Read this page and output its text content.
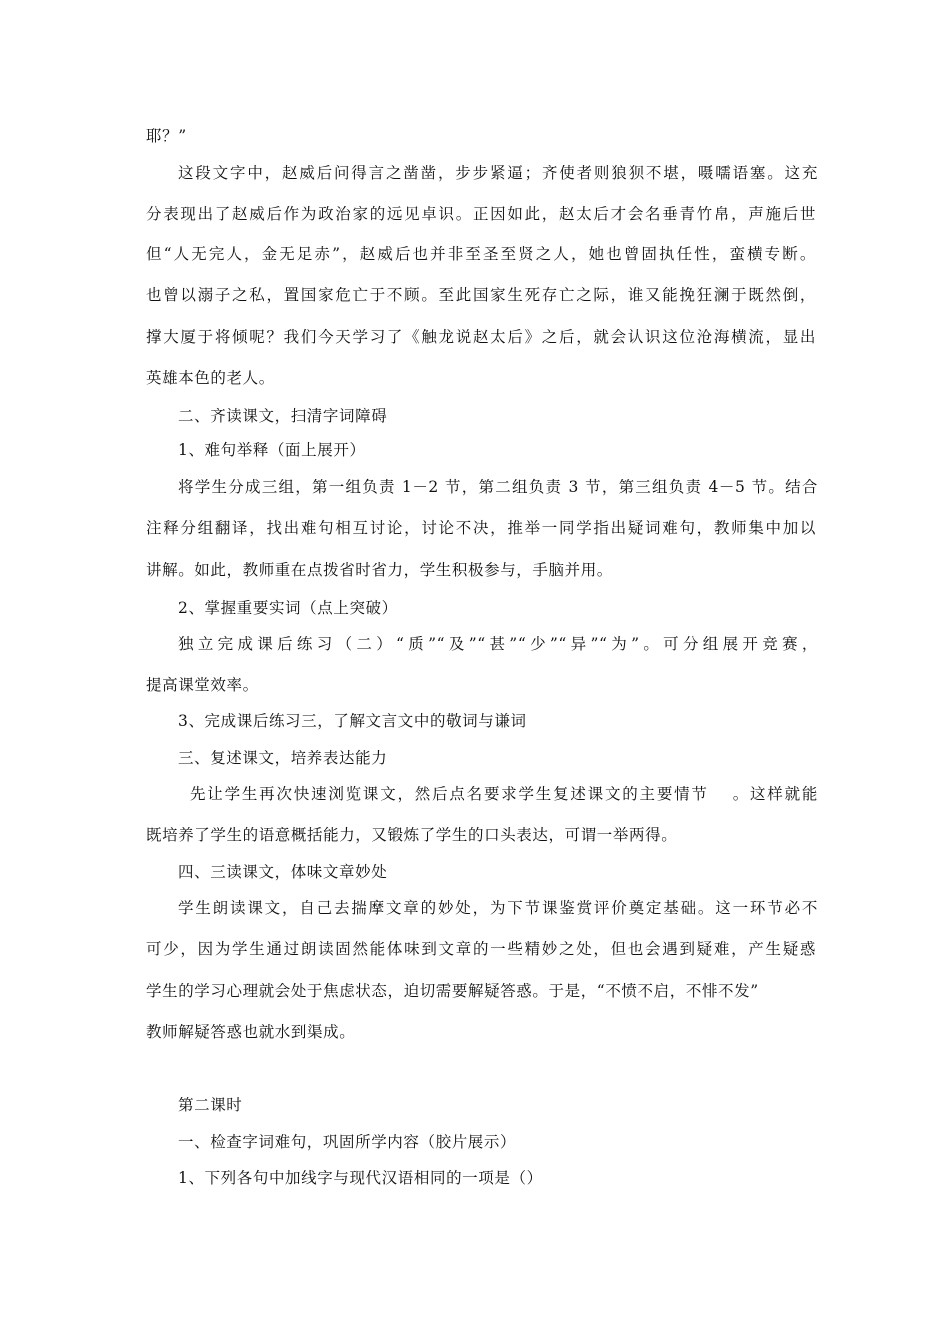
耶？”
这段文字中，赵威后问得言之凿凿，步步紧逼；齐使者则狼狈不堪，嗫嚅语塞。这充
分表现出了赵威后作为政治家的远见卓识。正因如此，赵太后才会名垂青竹帛，声施后世
但“人无完人，金无足赤”，赵威后也并非至圣至贤之人，她也曾固执任性，蛮横专断。
也曾以溺子之私，置国家危亡于不顾。至此国家生死存亡之际，谁又能挽狂澜于既然倒，
撑大厦于将倾呢？我们今天学习了《触龙说赵太后》之后，就会认识这位沧海横流，显出
英雄本色的老人。
二、齐读课文，扫清字词障碍
1、难句举释（面上展开）
将学生分成三组，第一组负责 1－2 节，第二组负责 3 节，第三组负责 4－5 节。结合
注释分组翻译，找出难句相互讨论，讨论不决，推举一同学指出疑词难句，教师集中加以
讲解。如此，教师重在点拨省时省力，学生积极参与，手脑并用。
2、掌握重要实词（点上突破）
独立完成课后练习（二）“质”“及”“甚”“少”“异”“为”。可分组展开竞赛，
提高课堂效率。
3、完成课后练习三，了解文言文中的敬词与谦词
三、复述课文，培养表达能力
先让学生再次快速浏览课文，然后点名要求学生复述课文的主要情节　 。这样就能
既培养了学生的语意概括能力，又锻炼了学生的口头表达，可谓一举两得。
四、三读课文，体味文章妙处
学生朗读课文，自己去揣摩文章的妙处，为下节课鉴赏评价奠定基础。这一环节必不
可少，因为学生通过朗读固然能体味到文章的一些精妙之处，但也会遇到疑难，产生疑惑
学生的学习心理就会处于焦虑状态，迫切需要解疑答惑。于是，“不愤不启，不悱不发”
教师解疑答惑也就水到渠成。
第二课时
一、检查字词难句，巩固所学内容（胶片展示）
1、下列各句中加线字与现代汉语相同的一项是（）
